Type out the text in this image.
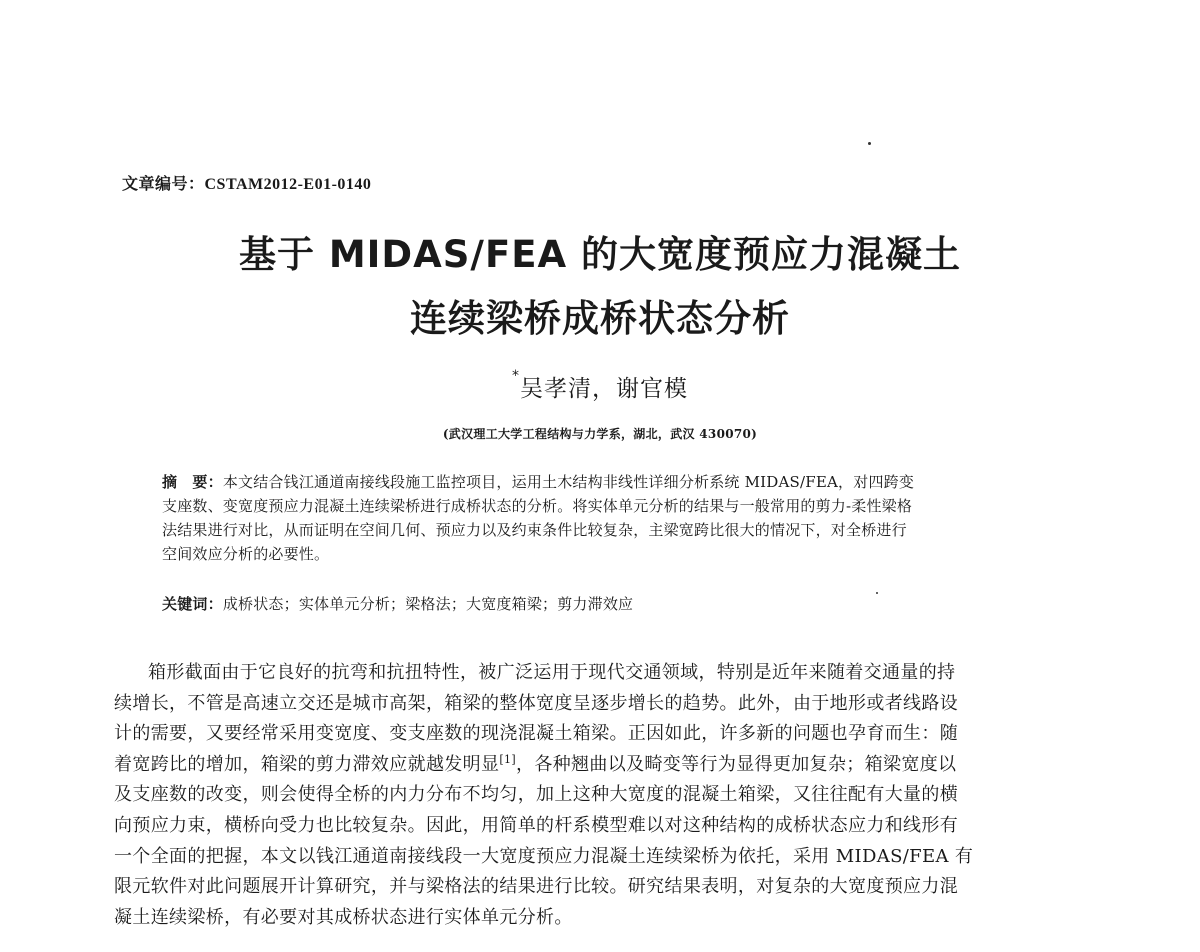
文章编号：CSTAM2012-E01-0140
基于 MIDAS/FEA 的大宽度预应力混凝土
连续梁桥成桥状态分析
*吴孝清，谢官模
(武汉理工大学工程结构与力学系，湖北，武汉 430070)
摘　要：本文结合钱江通道南接线段施工监控项目，运用土木结构非线性详细分析系统 MIDAS/FEA，对四跨变
支座数、变宽度预应力混凝土连续梁桥进行成桥状态的分析。将实体单元分析的结果与一般常用的剪力-柔性梁格
法结果进行对比，从而证明在空间几何、预应力以及约束条件比较复杂，主梁宽跨比很大的情况下，对全桥进行
空间效应分析的必要性。
关键词：成桥状态；实体单元分析；梁格法；大宽度箱梁；剪力滞效应
箱形截面由于它良好的抗弯和抗扭特性，被广泛运用于现代交通领域，特别是近年来随着交通量的持
续增长，不管是高速立交还是城市高架，箱梁的整体宽度呈逐步增长的趋势。此外，由于地形或者线路设
计的需要，又要经常采用变宽度、变支座数的现浇混凝土箱梁。正因如此，许多新的问题也孕育而生：随
着宽跨比的增加，箱梁的剪力滞效应就越发明显[1]，各种翘曲以及畸变等行为显得更加复杂；箱梁宽度以
及支座数的改变，则会使得全桥的内力分布不均匀，加上这种大宽度的混凝土箱梁，又往往配有大量的横
向预应力束，横桥向受力也比较复杂。因此，用简单的杆系模型难以对这种结构的成桥状态应力和线形有
一个全面的把握，本文以钱江通道南接线段一大宽度预应力混凝土连续梁桥为依托，采用 MIDAS/FEA 有
限元软件对此问题展开计算研究，并与梁格法的结果进行比较。研究结果表明，对复杂的大宽度预应力混
凝土连续梁桥，有必要对其成桥状态进行实体单元分析。
